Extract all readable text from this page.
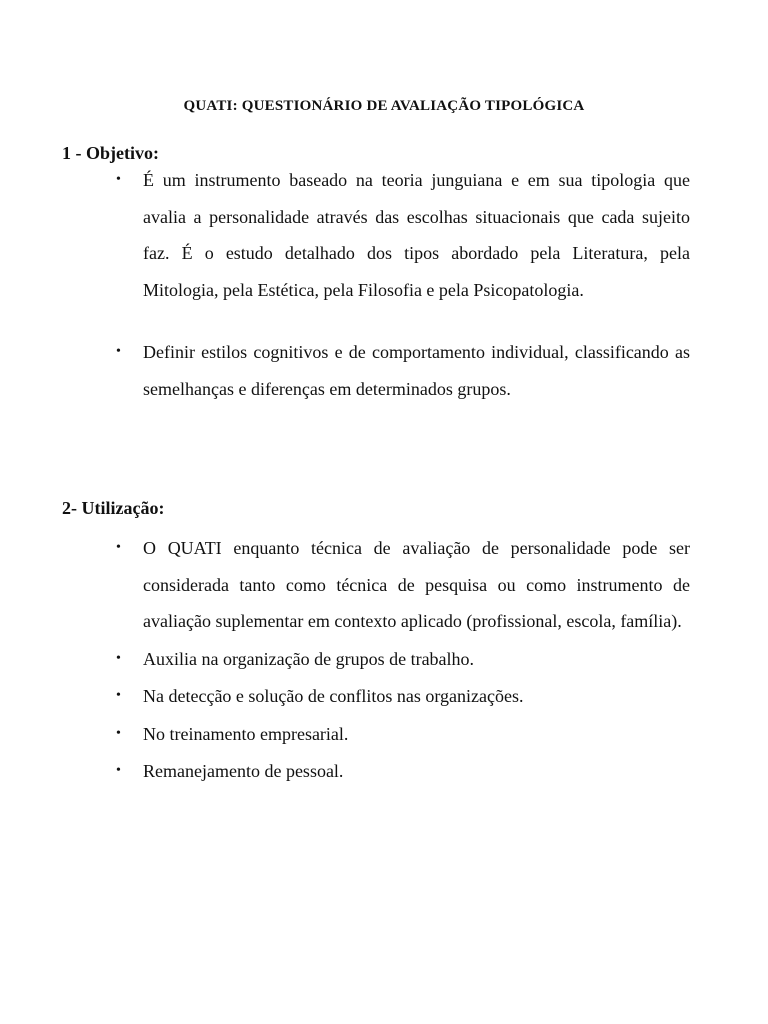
QUATI: QUESTIONÁRIO DE AVALIAÇÃO TIPOLÓGICA
1 - Objetivo:
•	É um instrumento baseado na teoria junguiana e em sua tipologia que avalia a personalidade através das escolhas situacionais que cada sujeito faz. É o estudo detalhado dos tipos abordado pela Literatura, pela Mitologia, pela Estética, pela Filosofia e pela Psicopatologia.
•	Definir estilos cognitivos e de comportamento individual, classificando as semelhanças e diferenças em determinados grupos.
2- Utilização:
•	O QUATI enquanto técnica de avaliação de personalidade pode ser considerada tanto como técnica de pesquisa ou como instrumento de avaliação suplementar em contexto aplicado (profissional, escola, família).
•	Auxilia na organização de grupos de trabalho.
•	Na detecção e solução de conflitos nas organizações.
•	No treinamento empresarial.
•	Remanejamento de pessoal.
